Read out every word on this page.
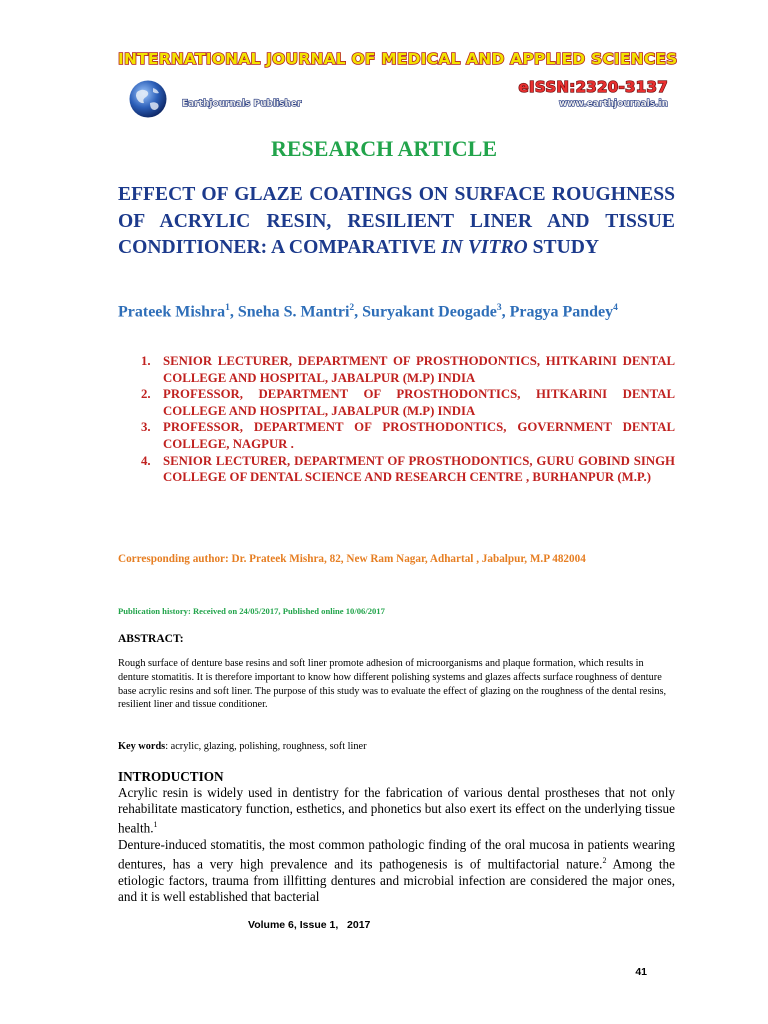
INTERNATIONAL JOURNAL OF MEDICAL AND APPLIED SCIENCES
Earthjournals Publisher
eISSN:2320-3137
www.earthjournals.in
RESEARCH ARTICLE
EFFECT OF GLAZE COATINGS ON SURFACE ROUGHNESS OF ACRYLIC RESIN, RESILIENT LINER AND TISSUE CONDITIONER: A COMPARATIVE IN VITRO STUDY

Prateek Mishra$^1$, Sneha S. Mantri$^2$, Suryakant Deogade$^3$, Pragya Pandey$^4$

1. SENIOR LECTURER, DEPARTMENT OF PROSTHODONTICS, HITKARINI DENTAL COLLEGE AND HOSPITAL, JABALPUR (M.P) INDIA
2. PROFESSOR, DEPARTMENT OF PROSTHODONTICS, HITKARINI DENTAL COLLEGE AND HOSPITAL, JABALPUR (M.P) INDIA
3. PROFESSOR, DEPARTMENT OF PROSTHODONTICS, GOVERNMENT DENTAL COLLEGE, NAGPUR .
4. SENIOR LECTURER, DEPARTMENT OF PROSTHODONTICS, GURU GOBIND SINGH COLLEGE OF DENTAL SCIENCE AND RESEARCH CENTRE , BURHANPUR (M.P.)

Corresponding author: Dr. Prateek Mishra, 82, New Ram Nagar, Adhartal , Jabalpur, M.P 482004

Publication history: Received on 24/05/2017, Published online 10/06/2017

ABSTRACT:

Rough surface of denture base resins and soft liner promote adhesion of microorganisms and plaque formation, which results in denture stomatitis. It is therefore important to know how different polishing systems and glazes affects surface roughness of denture base acrylic resins and soft liner. The purpose of this study was to evaluate the effect of glazing on the roughness of the dental resins, resilient liner and tissue conditioner.

Key words: acrylic, glazing, polishing, roughness, soft liner

INTRODUCTION

Acrylic resin is widely used in dentistry for the fabrication of various dental prostheses that not only rehabilitate masticatory function, esthetics, and phonetics but also exert its effect on the underlying tissue health.$^1$

Denture-induced stomatitis, the most common pathologic finding of the oral mucosa in patients wearing dentures, has a very high prevalence and its pathogenesis is of multifactorial nature.$^2$ Among the etiologic factors, trauma from illfitting dentures and microbial infection are considered the major ones, and it is well established that bacterial

Volume 6, Issue 1,   2017
41
